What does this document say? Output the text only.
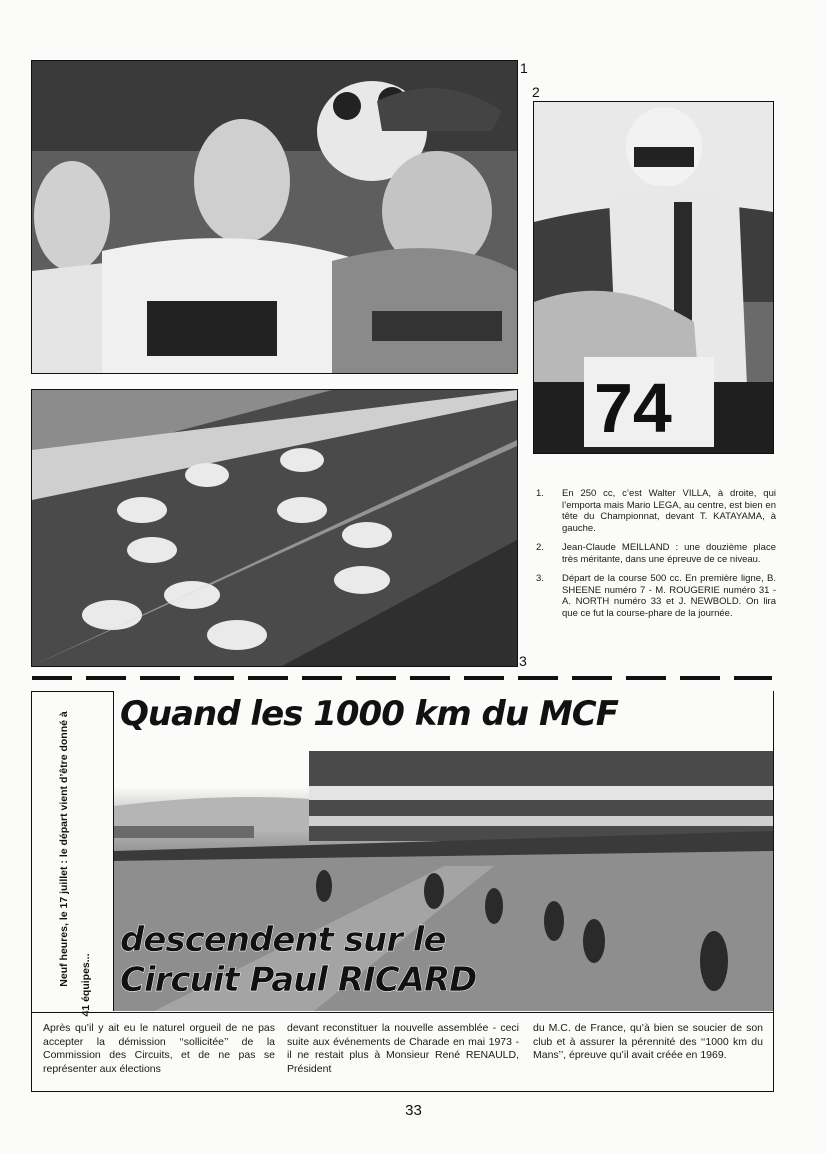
1
2
74
3
1.	En 250 cc, c’est Walter VILLA, à droite, qui l’emporta mais Mario LEGA, au centre, est bien en tête du Championnat, devant T. KATAYAMA, à gauche.
2.	Jean-Claude MEILLAND : une douzième place très méritante, dans une épreuve de ce niveau.
3.	Départ de la course 500 cc. En première ligne, B. SHEENE numéro 7 - M. ROUGERIE numéro 31 - A. NORTH numéro 33 et J. NEWBOLD. On lira que ce fut la course-phare de la journée.
Neuf heures, le 17 juillet : le départ vient d’être donné à 41 équipes...
Quand les 1000 km du MCF
descendent sur le
Circuit Paul RICARD
Après qu’il y ait eu le naturel orgueil de ne pas accepter la démission ‘‘sollicitée’’ de la Commission des Circuits, et de ne pas se représenter aux élections
devant reconstituer la nouvelle assemblée - ceci suite aux événements de Charade en mai 1973 - il ne restait plus à Monsieur René RENAULD, Président
du M.C. de France, qu’à bien se soucier de son club et à assurer la pérennité des ‘‘1000 km du Mans’’, épreuve qu’il avait créée en 1969.
33
